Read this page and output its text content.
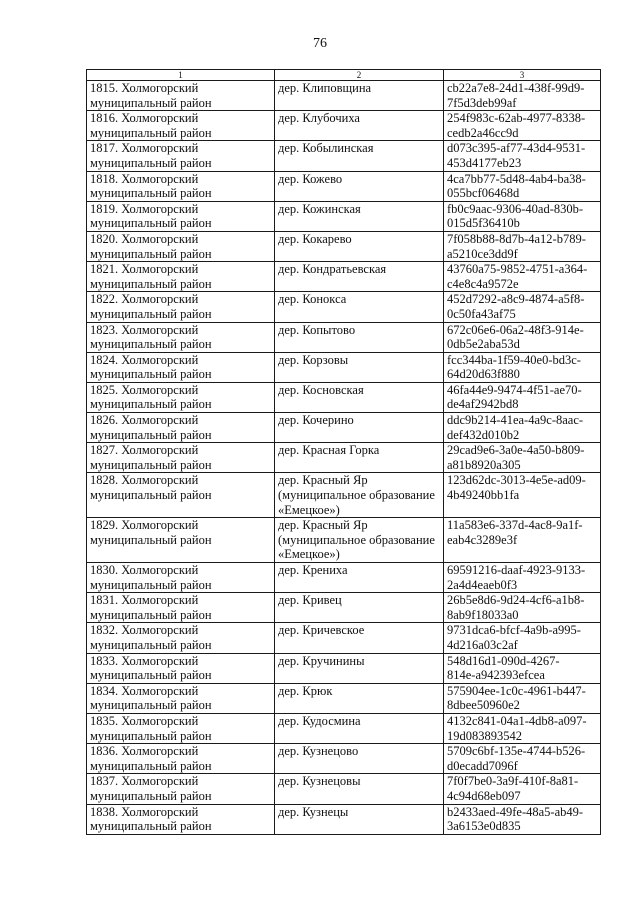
76
1	2	3

1815. Холмогорский
муниципальный район	дер. Клиповщина	cb22a7e8-24d1-438f-99d9-
7f5d3deb99af

1816. Холмогорский
муниципальный район	дер. Клубочиха	254f983c-62ab-4977-8338-
cedb2a46cc9d

1817. Холмогорский
муниципальный район	дер. Кобылинская	d073c395-af77-43d4-9531-
453d4177eb23

1818. Холмогорский
муниципальный район	дер. Кожево	4ca7bb77-5d48-4ab4-ba38-
055bcf06468d

1819. Холмогорский
муниципальный район	дер. Кожинская	fb0c9aac-9306-40ad-830b-
015d5f36410b

1820. Холмогорский
муниципальный район	дер. Кокарево	7f058b88-8d7b-4a12-b789-
a5210ce3dd9f

1821. Холмогорский
муниципальный район	дер. Кондратьевская	43760a75-9852-4751-a364-
c4e8c4a9572e

1822. Холмогорский
муниципальный район	дер. Конокса	452d7292-a8c9-4874-a5f8-
0c50fa43af75

1823. Холмогорский
муниципальный район	дер. Копытово	672c06e6-06a2-48f3-914e-
0db5e2aba53d

1824. Холмогорский
муниципальный район	дер. Корзовы	fcc344ba-1f59-40e0-bd3c-
64d20d63f880

1825. Холмогорский
муниципальный район	дер. Косновская	46fa44e9-9474-4f51-ae70-
de4af2942bd8

1826. Холмогорский
муниципальный район	дер. Кочерино	ddc9b214-41ea-4a9c-8aac-
def432d010b2

1827. Холмогорский
муниципальный район	дер. Красная Горка	29cad9e6-3a0e-4a50-b809-
a81b8920a305

1828. Холмогорский
муниципальный район	дер. Красный Яр
(муниципальное образование
«Емецкое»)	123d62dc-3013-4e5e-ad09-
4b49240bb1fa

1829. Холмогорский
муниципальный район	дер. Красный Яр
(муниципальное образование
«Емецкое»)	11a583e6-337d-4ac8-9a1f-
eab4c3289e3f

1830. Холмогорский
муниципальный район	дер. Крениха	69591216-daaf-4923-9133-
2a4d4eaeb0f3

1831. Холмогорский
муниципальный район	дер. Кривец	26b5e8d6-9d24-4cf6-a1b8-
8ab9f18033a0

1832. Холмогорский
муниципальный район	дер. Кричевское	9731dca6-bfcf-4a9b-a995-
4d216a03c2af

1833. Холмогорский
муниципальный район	дер. Кручинины	548d16d1-090d-4267-
814e-a942393efcea

1834. Холмогорский
муниципальный район	дер. Крюк	575904ee-1c0c-4961-b447-
8dbee50960e2

1835. Холмогорский
муниципальный район	дер. Кудосмина	4132c841-04a1-4db8-a097-
19d083893542

1836. Холмогорский
муниципальный район	дер. Кузнецово	5709c6bf-135e-4744-b526-
d0ecadd7096f

1837. Холмогорский
муниципальный район	дер. Кузнецовы	7f0f7be0-3a9f-410f-8a81-
4c94d68eb097

1838. Холмогорский
муниципальный район	дер. Кузнецы	b2433aed-49fe-48a5-ab49-
3a6153e0d835
